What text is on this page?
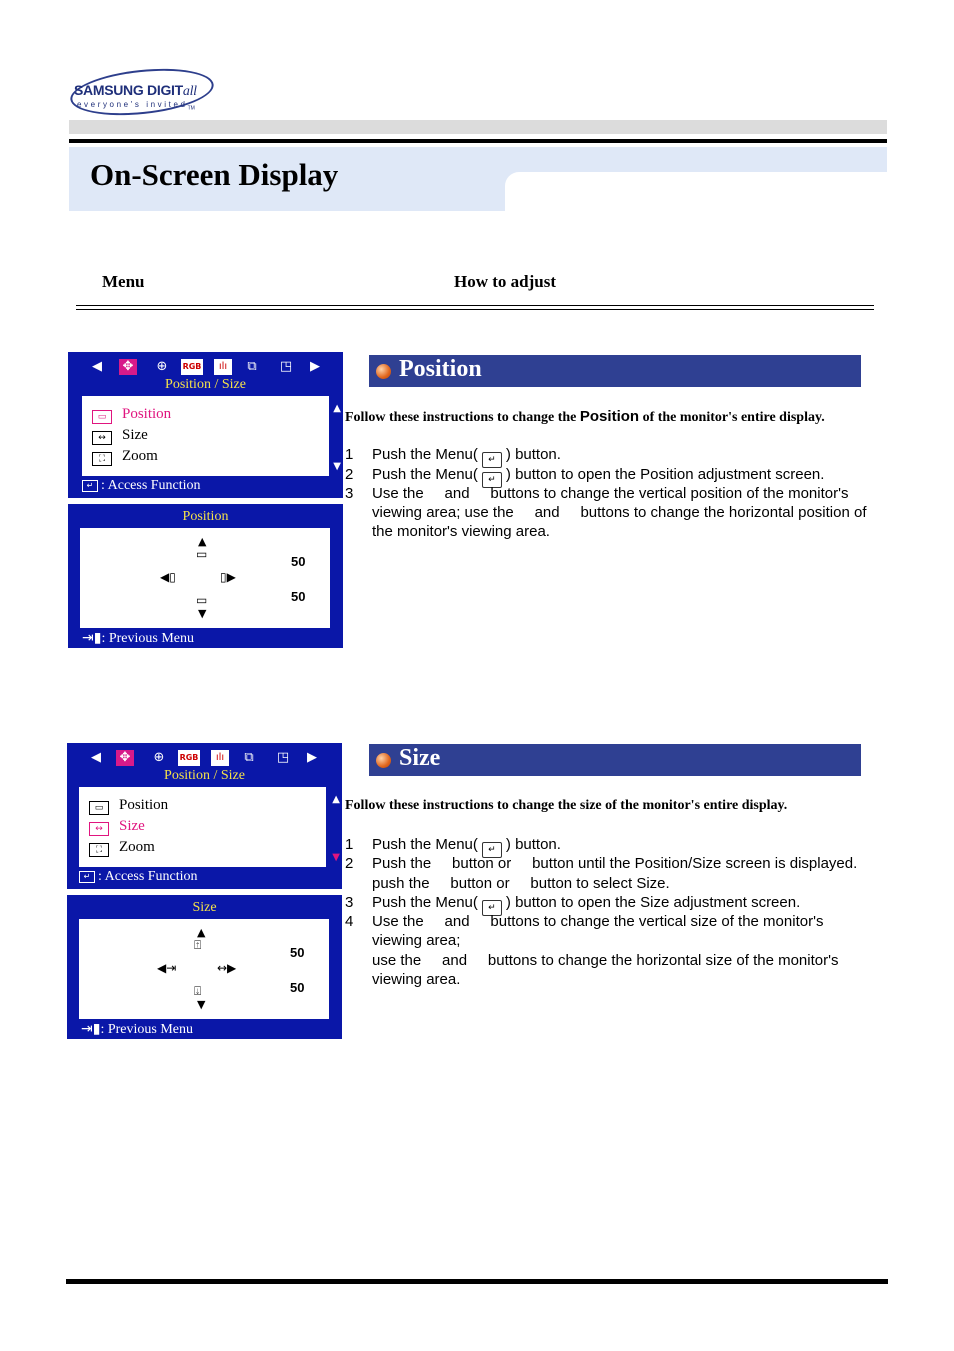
SAMSUNG DIGITall
everyone's invited$_{TM}$
On-Screen Display
Menu	How to adjust
◀	✥ ⊕	RGB	ılı	⧉	◳	▶
Position / Size
▭ Position
↔ Size
⛶ Zoom
▲
▼
↵ : Access Function
Position
▲
▭
◀▯	▯▶
▭
▼
50
50
⇥▮: Previous Menu
Position
Follow these instructions to change the Position of the monitor's entire display.
1 Push the Menu( ↵ ) button.
2 Push the Menu( ↵ ) button to open the Position adjustment screen.
3 Use the     and     buttons to change the vertical position of the monitor's
viewing area; use the     and     buttons to change the horizontal position of
the monitor's viewing area.
◀	✥ ⊕	RGB	ılı	⧉	◳	▶
Position / Size
▭ Position
↔ Size
⛶ Zoom
▲
▼
↵ : Access Function
Size
▲
⍐
◀⇥	↔▶
⍗
▼
50
50
⇥▮: Previous Menu
Size
Follow these instructions to change the size of the monitor's entire display.
1 Push the Menu( ↵ ) button.
2 Push the     button or     button until the Position/Size screen is displayed.
push the     button or     button to select Size.
3 Push the Menu( ↵ ) button to open the Size adjustment screen.
4 Use the     and     buttons to change the vertical size of the monitor's
viewing area;
use the     and     buttons to change the horizontal size of the monitor's
viewing area.
